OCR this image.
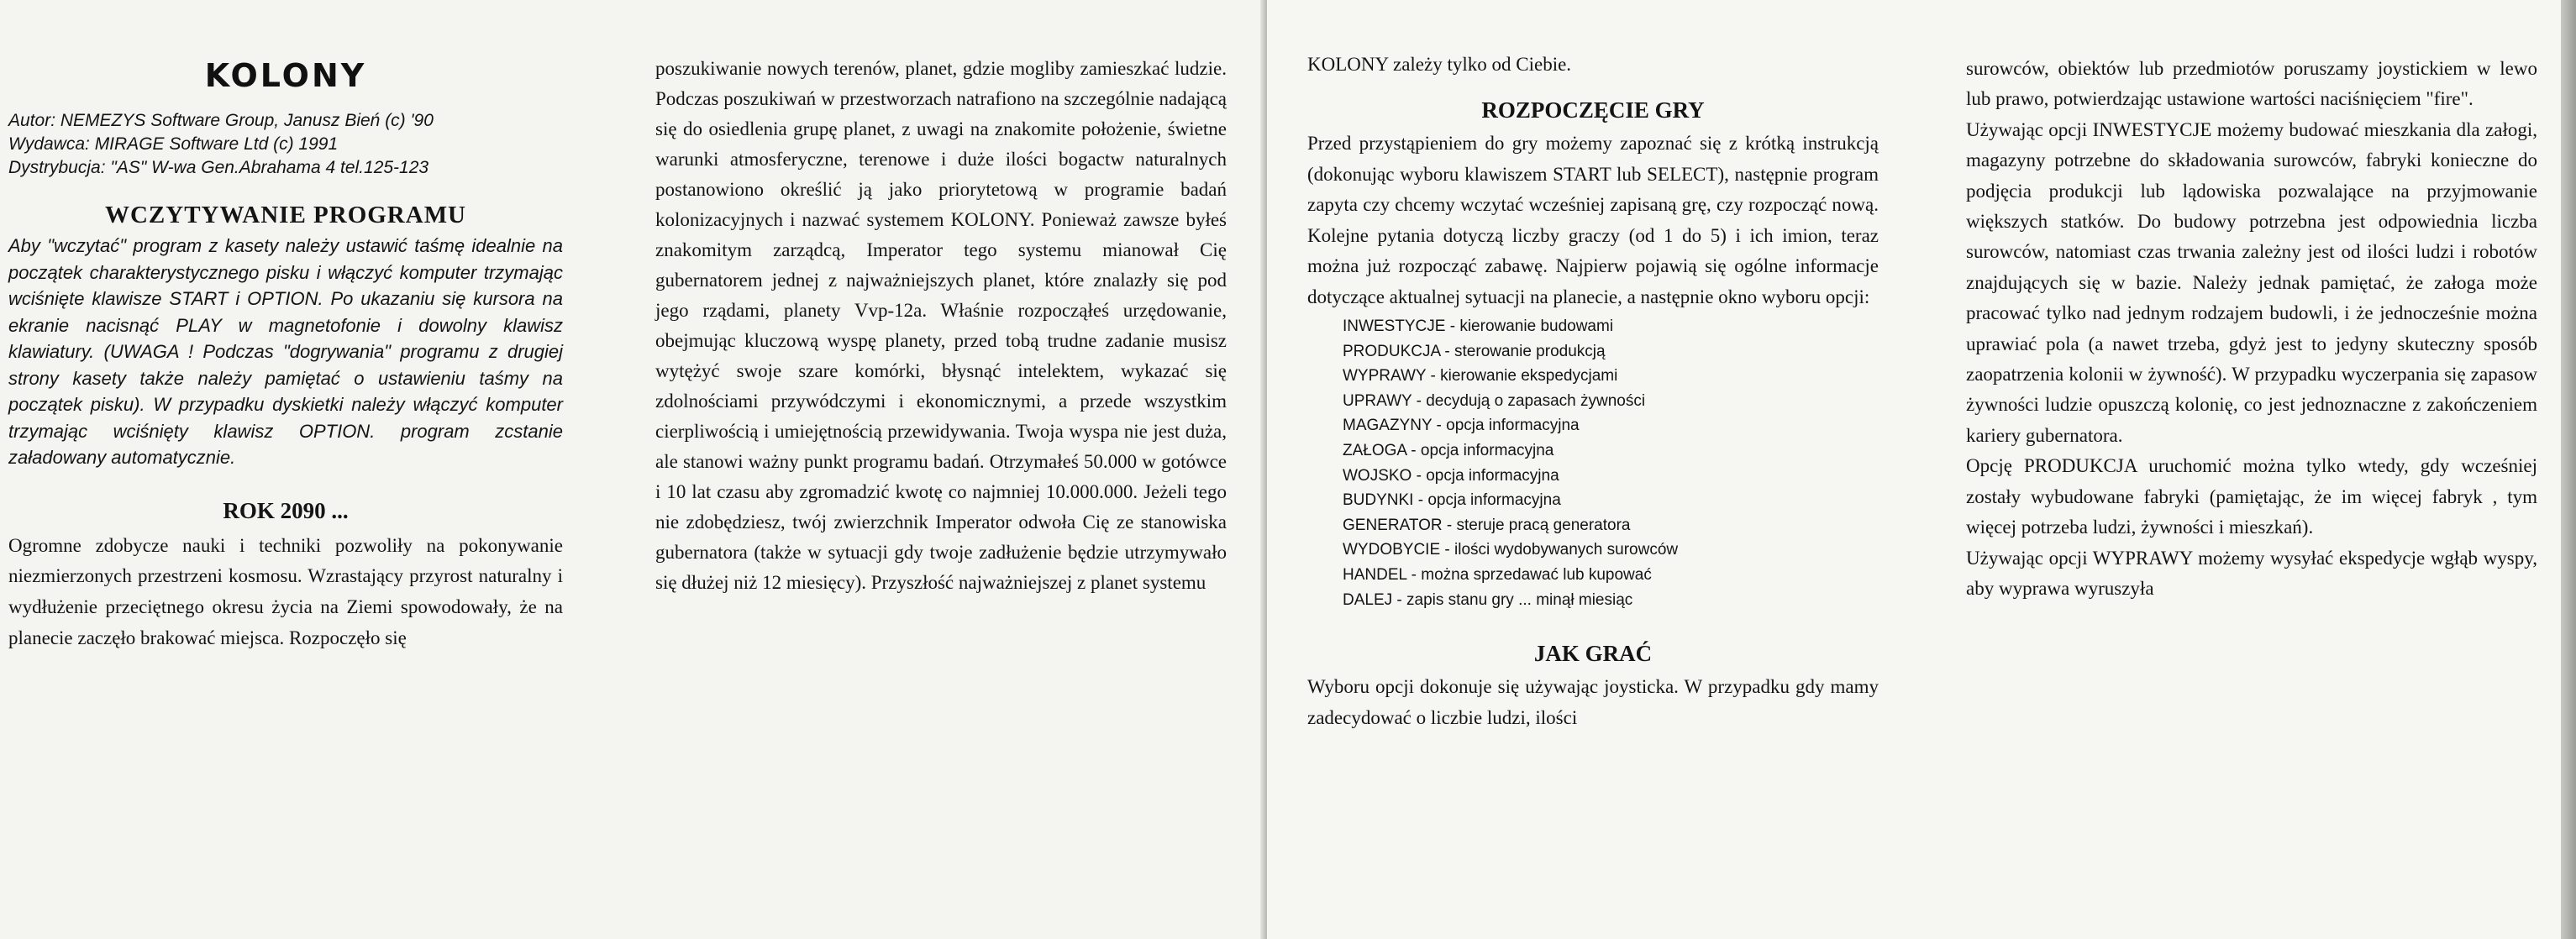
KOLONY
Autor: NEMEZYS Software Group, Janusz Bień (c) '90
Wydawca: MIRAGE Software Ltd (c) 1991
Dystrybucja: "AS" W-wa Gen.Abrahama 4 tel.125-123
WCZYTYWANIE PROGRAMU

Aby "wczytać" program z kasety należy ustawić taśmę idealnie na początek charakterystycznego pisku i włączyć komputer trzymając wciśnięte klawisze START i OPTION. Po ukazaniu się kursora na ekranie nacisnąć PLAY w magnetofonie i dowolny klawisz klawiatury. (UWAGA ! Podczas "dogrywania" programu z drugiej strony kasety także należy pamiętać o ustawieniu taśmy na początek pisku). W przypadku dyskietki należy włączyć komputer trzymając wciśnięty klawisz OPTION. program zcstanie załadowany automatycznie.

ROK 2090 ...

Ogromne zdobycze nauki i techniki pozwoliły na pokonywanie niezmierzonych przestrzeni kosmosu. Wzrastający przyrost naturalny i wydłużenie przeciętnego okresu życia na Ziemi spowodowały, że na planecie zaczęło brakować miejsca. Rozpoczęło się

poszukiwanie nowych terenów, planet, gdzie mogliby zamieszkać ludzie. Podczas poszukiwań w przestworzach natrafiono na szczególnie nadającą się do osiedlenia grupę planet, z uwagi na znakomite położenie, świetne warunki atmosferyczne, terenowe i duże ilości bogactw naturalnych postanowiono określić ją jako priorytetową w programie badań kolonizacyjnych i nazwać systemem KOLONY. Ponieważ zawsze byłeś znakomitym zarządcą, Imperator tego systemu mianował Cię gubernatorem jednej z najważniejszych planet, które znalazły się pod jego rządami, planety Vvp-12a. Właśnie rozpocząłeś urzędowanie, obejmując kluczową wyspę planety, przed tobą trudne zadanie musisz wytężyć swoje szare komórki, błysnąć intelektem, wykazać się zdolnościami przywódczymi i ekonomicznymi, a przede wszystkim cierpliwością i umiejętnością przewidywania. Twoja wyspa nie jest duża, ale stanowi ważny punkt programu badań. Otrzymałeś 50.000 w gotówce i 10 lat czasu aby zgromadzić kwotę co najmniej 10.000.000. Jeżeli tego nie zdobędziesz, twój zwierzchnik Imperator odwoła Cię ze stanowiska gubernatora (także w sytuacji gdy twoje zadłużenie będzie utrzymywało się dłużej niż 12 miesięcy). Przyszłość najważniejszej z planet systemu

KOLONY zależy tylko od Ciebie.

ROZPOCZĘCIE GRY

Przed przystąpieniem do gry możemy zapoznać się z krótką instrukcją (dokonując wyboru klawiszem START lub SELECT), następnie program zapyta czy chcemy wczytać wcześniej zapisaną grę, czy rozpocząć nową. Kolejne pytania dotyczą liczby graczy (od 1 do 5) i ich imion, teraz można już rozpocząć zabawę. Najpierw pojawią się ogólne informacje dotyczące aktualnej sytuacji na planecie, a następnie okno wyboru opcji:

INWESTYCJE - kierowanie budowami
PRODUKCJA - sterowanie produkcją
WYPRAWY - kierowanie ekspedycjami
UPRAWY - decydują o zapasach żywności
MAGAZYNY - opcja informacyjna
ZAŁOGA - opcja informacyjna
WOJSKO - opcja informacyjna
BUDYNKI - opcja informacyjna
GENERATOR - steruje pracą generatora
WYDOBYCIE - ilości wydobywanych surowców
HANDEL - można sprzedawać lub kupować
DALEJ - zapis stanu gry ... minął miesiąc
JAK GRAĆ

Wyboru opcji dokonuje się używając joysticka. W przypadku gdy mamy zadecydować o liczbie ludzi, ilości

surowców, obiektów lub przedmiotów poruszamy joystickiem w lewo lub prawo, potwierdzając ustawione wartości naciśnięciem "fire".

Używając opcji INWESTYCJE możemy budować mieszkania dla załogi, magazyny potrzebne do składowania surowców, fabryki konieczne do podjęcia produkcji lub lądowiska pozwalające na przyjmowanie większych statków. Do budowy potrzebna jest odpowiednia liczba surowców, natomiast czas trwania zależny jest od ilości ludzi i robotów znajdujących się w bazie. Należy jednak pamiętać, że załoga może pracować tylko nad jednym rodzajem budowli, i że jednocześnie można uprawiać pola (a nawet trzeba, gdyż jest to jedyny skuteczny sposób zaopatrzenia kolonii w żywność). W przypadku wyczerpania się zapasow żywności ludzie opuszczą kolonię, co jest jednoznaczne z zakończeniem kariery gubernatora.

Opcję PRODUKCJA uruchomić można tylko wtedy, gdy wcześniej zostały wybudowane fabryki (pamiętając, że im więcej fabryk , tym więcej potrzeba ludzi, żywności i mieszkań).

Używając opcji WYPRAWY możemy wysyłać ekspedycje wgłąb wyspy, aby wyprawa wyruszyła
